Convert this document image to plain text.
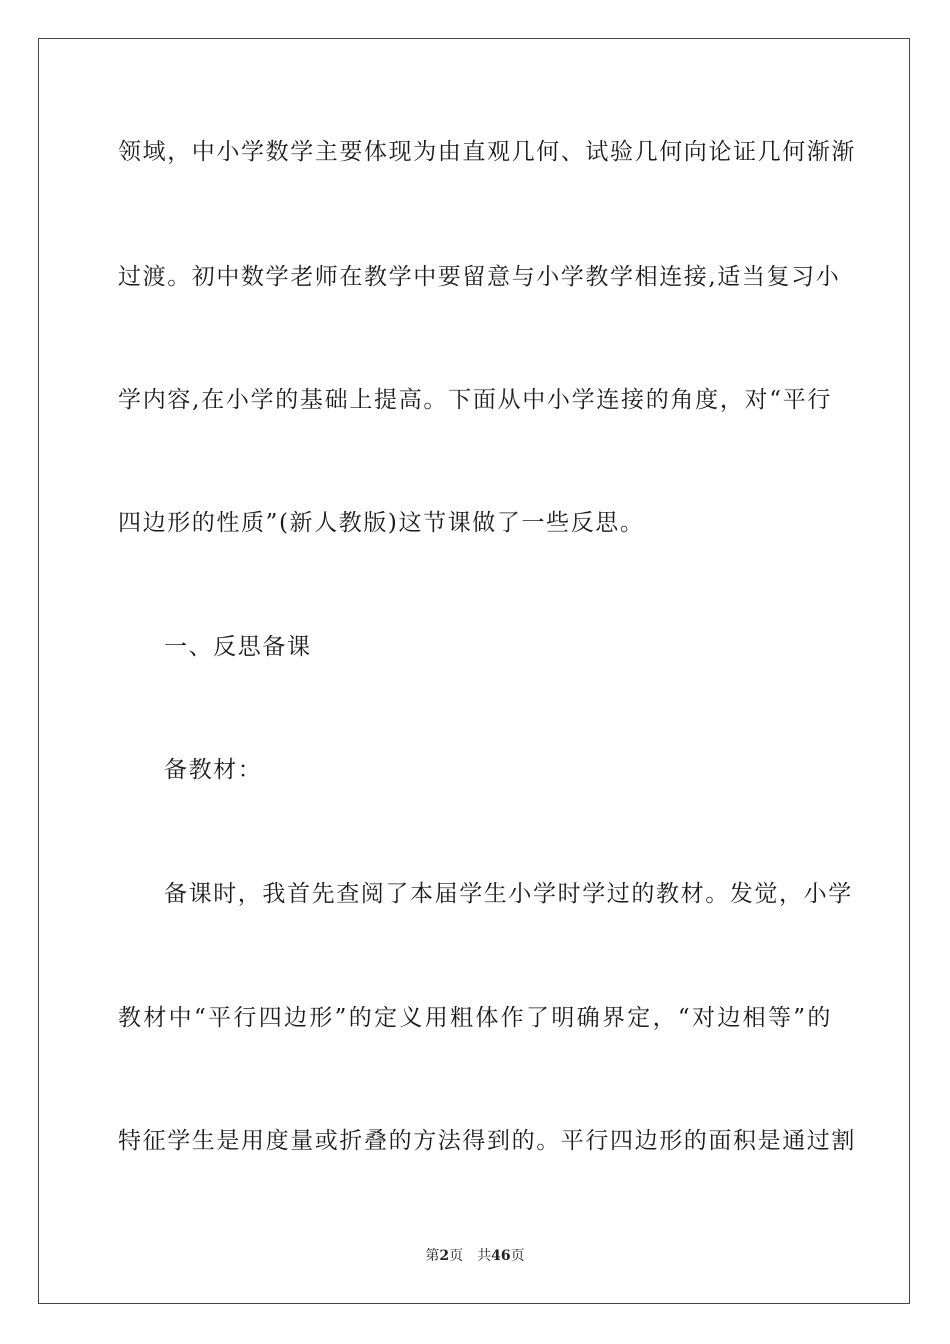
领域，中小学数学主要体现为由直观几何、试验几何向论证几何渐渐
过渡。初中数学老师在教学中要留意与小学教学相连接,适当复习小
学内容,在小学的基础上提高。下面从中小学连接的角度，对“平行
四边形的性质”(新人教版)这节课做了一些反思。
一、反思备课
备教材：
备课时，我首先查阅了本届学生小学时学过的教材。发觉，小学
教材中“平行四边形”的定义用粗体作了明确界定，“对边相等”的
特征学生是用度量或折叠的方法得到的。平行四边形的面积是通过割
第2页 共46页
